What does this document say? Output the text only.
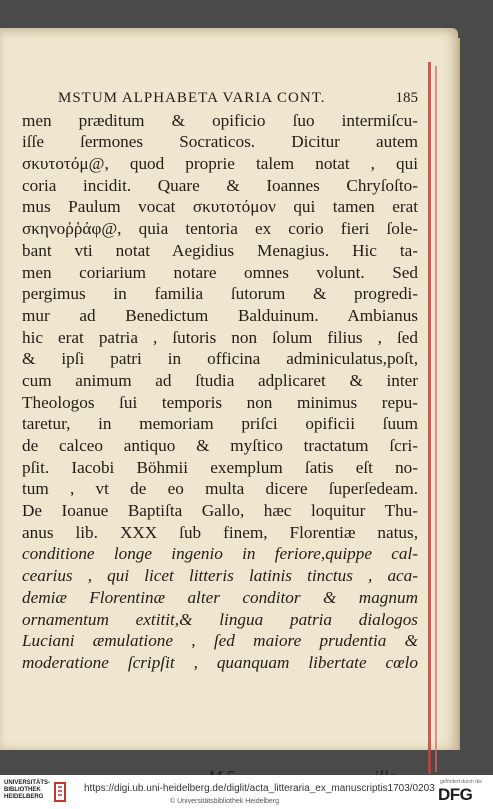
MSTUM ALPHABETA VARIA CONT.	185
men præditum & opificio ſuo intermiſcu-
iſſe ſermones Socraticos. Dicitur autem
σκυτοτόμ@, quod proprie talem notat , qui
coria incidit. Quare & Ioannes Chryſoſto-
mus Paulum vocat σκυτοτόμον qui tamen erat
σκηνοῤῥάφ@, quia tentoria ex corio fieri ſole-
bant vti notat Aegidius Menagius. Hic ta-
men coriarium notare omnes volunt. Sed
pergimus in familia ſutorum & progredi-
mur ad Benedictum Balduinum. Ambianus
hic erat patria , ſutoris non ſolum filius , ſed
& ipſi patri in officina adminiculatus,poſt,
cum animum ad ſtudia adplicaret & inter
Theologos ſui temporis non minimus repu-
taretur, in memoriam priſci opificii ſuum
de calceo antiquo & myſtico tractatum ſcri-
pſit. Iacobi Böhmii exemplum ſatis eſt no-
tum , vt de eo multa dicere ſuperſedeam.
De Ioanue Baptiſta Gallo, hæc loquitur Thu-
anus lib. XXX ſub finem, Florentiæ natus,
conditione longe ingenio in feriore,quippe cal-
cearius , qui licet litteris latinis tinctus , aca-
demiæ Florentinæ alter conditor & magnum
ornamentum extitit,& lingua patria dialogos
Luciani æmulatione , ſed maiore prudentia &
moderatione ſcripſit , quanquam libertate cœlo
UNIVERSITÄTS-
BIBLIOTHEK
HEIDELBERG
https://digi.ub.uni-heidelberg.de/diglit/acta_litteraria_ex_manuscriptis1703/0203
© Universitätsbibliothek Heidelberg
gefördert durch die
DFG
